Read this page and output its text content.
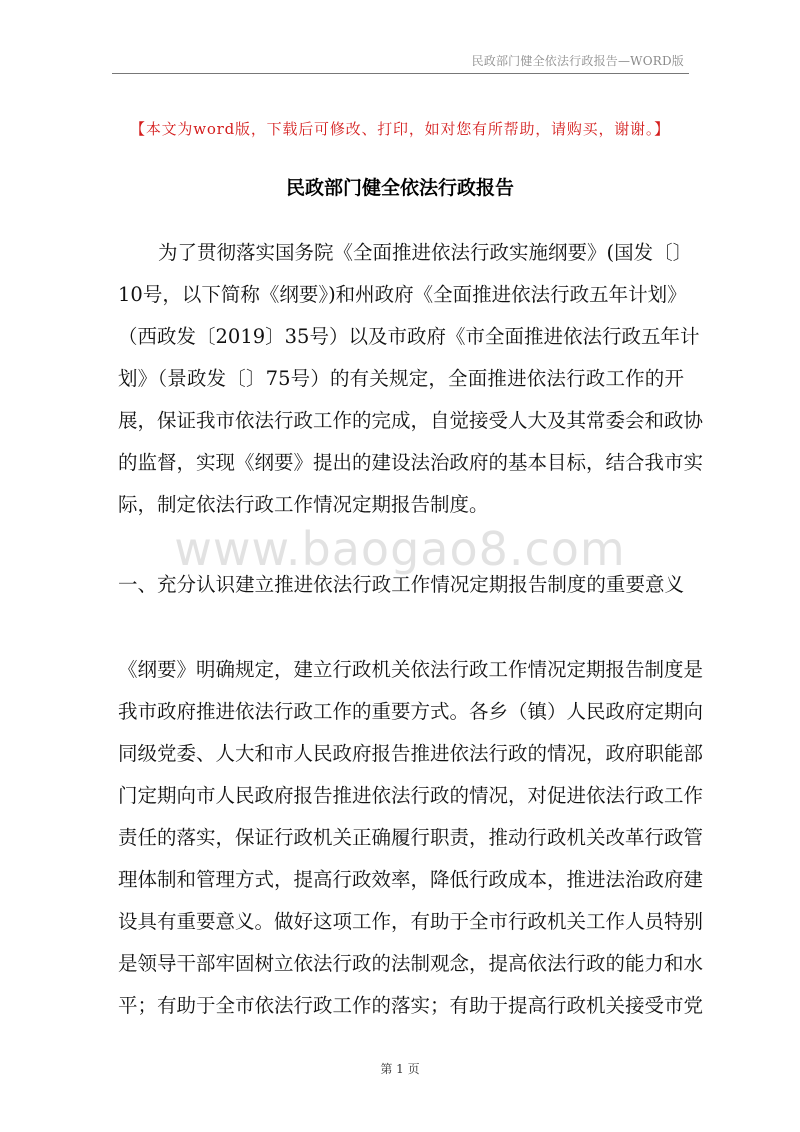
民政部门健全依法行政报告—WORD版
【本文为word版，下载后可修改、打印，如对您有所帮助，请购买，谢谢。】
民政部门健全依法行政报告
为了贯彻落实国务院《全面推进依法行政实施纲要》(国发〔〕
10号，以下简称《纲要》)和州政府《全面推进依法行政五年计划》
（西政发〔2019〕35号）以及市政府《市全面推进依法行政五年计
划》（景政发〔〕75号）的有关规定，全面推进依法行政工作的开
展，保证我市依法行政工作的完成，自觉接受人大及其常委会和政协
的监督，实现《纲要》提出的建设法治政府的基本目标，结合我市实
际，制定依法行政工作情况定期报告制度。
www.baogao8.com
一、充分认识建立推进依法行政工作情况定期报告制度的重要意义
《纲要》明确规定，建立行政机关依法行政工作情况定期报告制度是
我市政府推进依法行政工作的重要方式。各乡（镇）人民政府定期向
同级党委、人大和市人民政府报告推进依法行政的情况，政府职能部
门定期向市人民政府报告推进依法行政的情况，对促进依法行政工作
责任的落实，保证行政机关正确履行职责，推动行政机关改革行政管
理体制和管理方式，提高行政效率，降低行政成本，推进法治政府建
设具有重要意义。做好这项工作，有助于全市行政机关工作人员特别
是领导干部牢固树立依法行政的法制观念，提高依法行政的能力和水
平；有助于全市依法行政工作的落实；有助于提高行政机关接受市党
第 1 页
